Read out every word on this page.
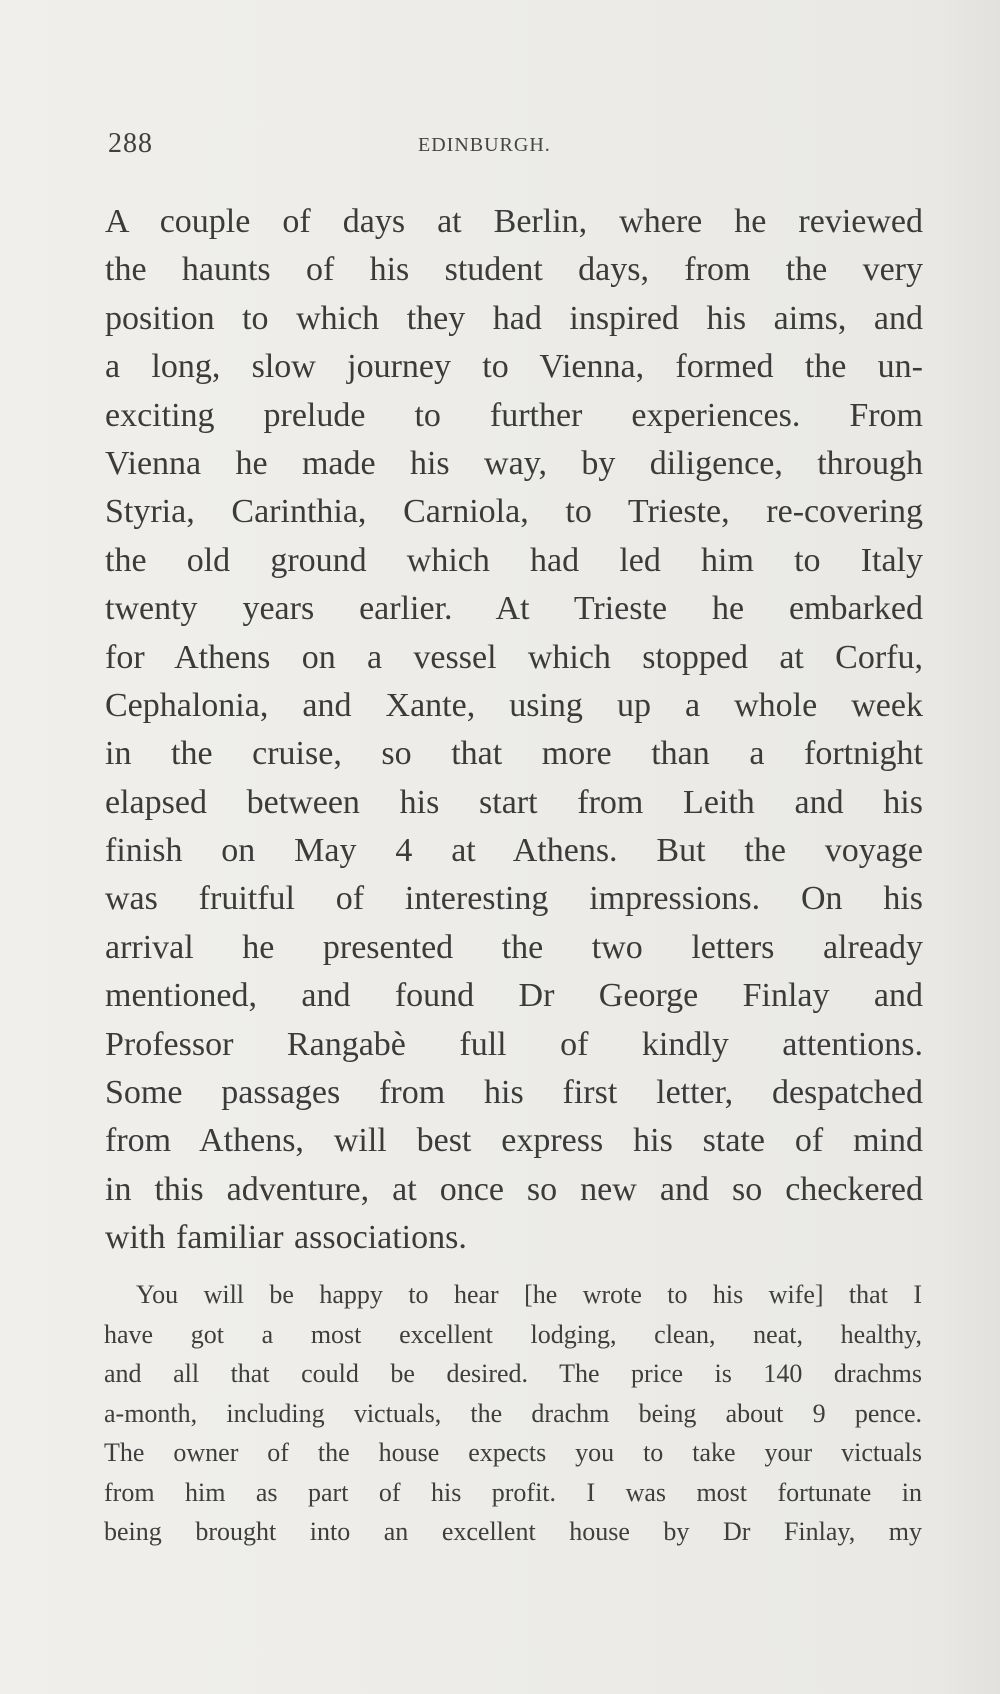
288	EDINBURGH.
A couple of days at Berlin, where he reviewed
the haunts of his student days, from the very
position to which they had inspired his aims, and
a long, slow journey to Vienna, formed the un-
exciting prelude to further experiences. From
Vienna he made his way, by diligence, through
Styria, Carinthia, Carniola, to Trieste, re-covering
the old ground which had led him to Italy
twenty years earlier. At Trieste he embarked
for Athens on a vessel which stopped at Corfu,
Cephalonia, and Xante, using up a whole week
in the cruise, so that more than a fortnight
elapsed between his start from Leith and his
finish on May 4 at Athens. But the voyage
was fruitful of interesting impressions. On his
arrival he presented the two letters already
mentioned, and found Dr George Finlay and
Professor Rangabè full of kindly attentions.
Some passages from his first letter, despatched
from Athens, will best express his state of mind
in this adventure, at once so new and so checkered
with familiar associations.
You will be happy to hear [he wrote to his wife] that I
have got a most excellent lodging, clean, neat, healthy,
and all that could be desired. The price is 140 drachms
a-month, including victuals, the drachm being about 9 pence.
The owner of the house expects you to take your victuals
from him as part of his profit. I was most fortunate in
being brought into an excellent house by Dr Finlay, my
